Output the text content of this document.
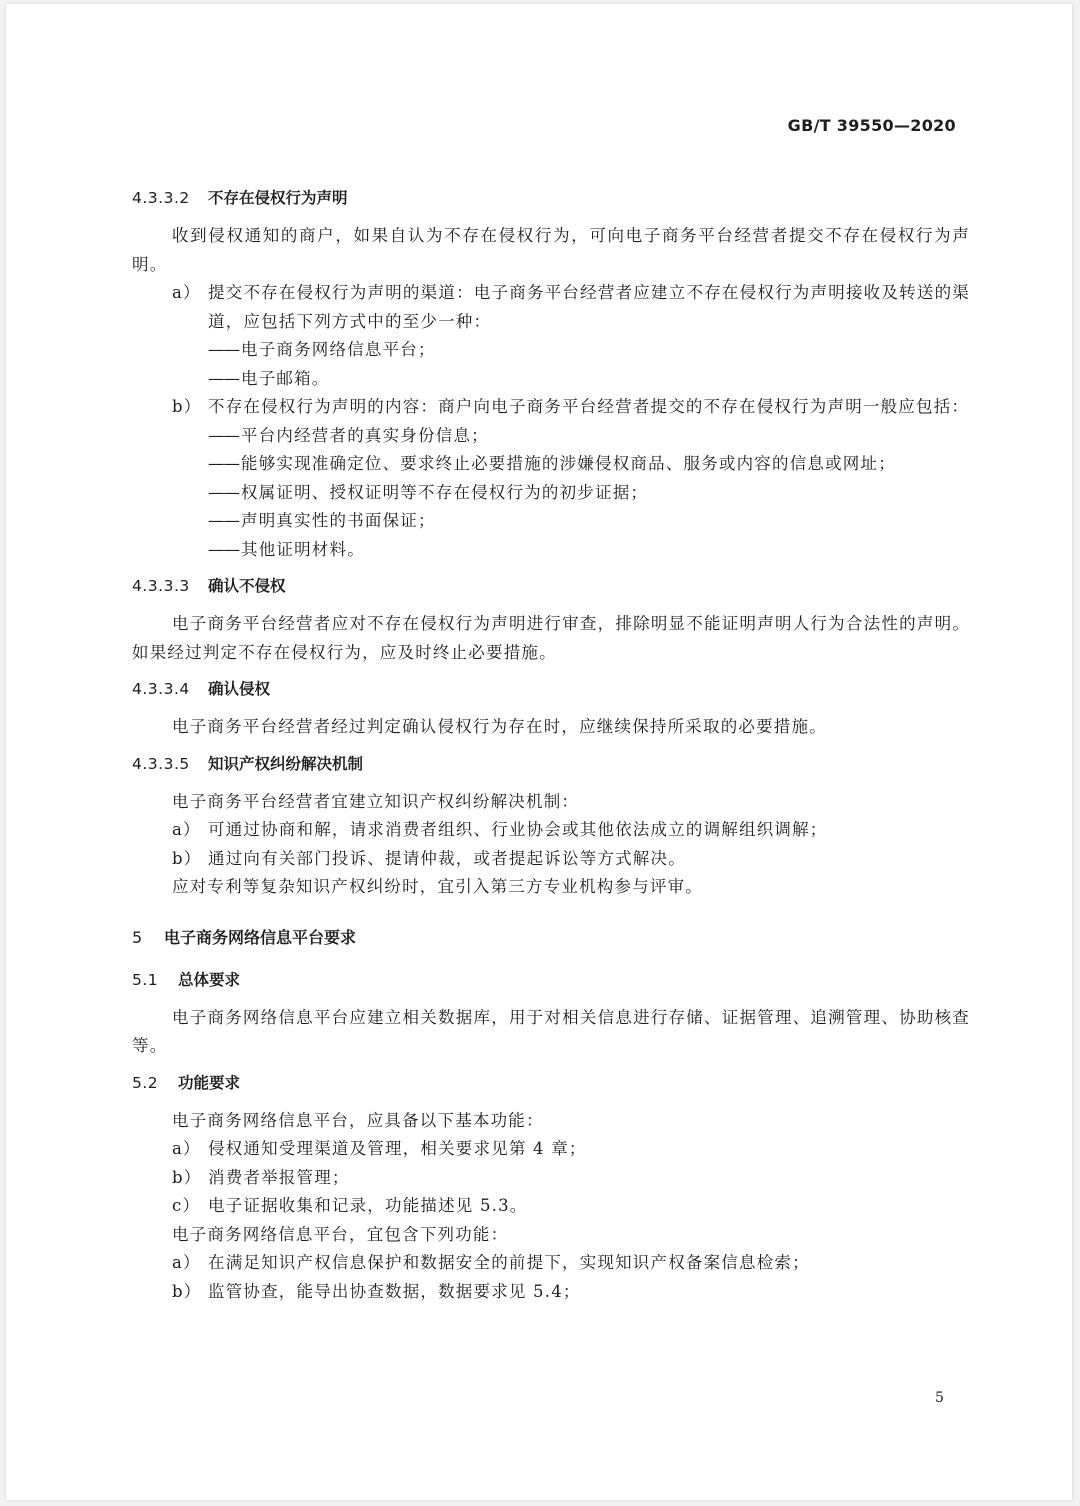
GB/T 39550—2020
4.3.3.2	不存在侵权行为声明

收到侵权通知的商户，如果自认为不存在侵权行为，可向电子商务平台经营者提交不存在侵权行为声明。

a） 提交不存在侵权行为声明的渠道：电子商务平台经营者应建立不存在侵权行为声明接收及转送的渠道，应包括下列方式中的至少一种：
—— 电子商务网络信息平台；
—— 电子邮箱。
b） 不存在侵权行为声明的内容：商户向电子商务平台经营者提交的不存在侵权行为声明一般应包括：
—— 平台内经营者的真实身份信息；
—— 能够实现准确定位、要求终止必要措施的涉嫌侵权商品、服务或内容的信息或网址；
—— 权属证明、授权证明等不存在侵权行为的初步证据；
—— 声明真实性的书面保证；
—— 其他证明材料。
4.3.3.3	确认不侵权

电子商务平台经营者应对不存在侵权行为声明进行审查，排除明显不能证明声明人行为合法性的声明。如果经过判定不存在侵权行为，应及时终止必要措施。

4.3.3.4	确认侵权

电子商务平台经营者经过判定确认侵权行为存在时，应继续保持所采取的必要措施。

4.3.3.5	知识产权纠纷解决机制

电子商务平台经营者宜建立知识产权纠纷解决机制：

a） 可通过协商和解，请求消费者组织、行业协会或其他依法成立的调解组织调解；
b） 通过向有关部门投诉、提请仲裁，或者提起诉讼等方式解决。

应对专利等复杂知识产权纠纷时，宜引入第三方专业机构参与评审。

5	电子商务网络信息平台要求
5.1	总体要求

电子商务网络信息平台应建立相关数据库，用于对相关信息进行存储、证据管理、追溯管理、协助核查等。

5.2	功能要求

电子商务网络信息平台，应具备以下基本功能：

a） 侵权通知受理渠道及管理，相关要求见第 4 章；
b） 消费者举报管理；
c） 电子证据收集和记录，功能描述见 5.3。

电子商务网络信息平台，宜包含下列功能：

a） 在满足知识产权信息保护和数据安全的前提下，实现知识产权备案信息检索；
b） 监管协查，能导出协查数据，数据要求见 5.4；
5
